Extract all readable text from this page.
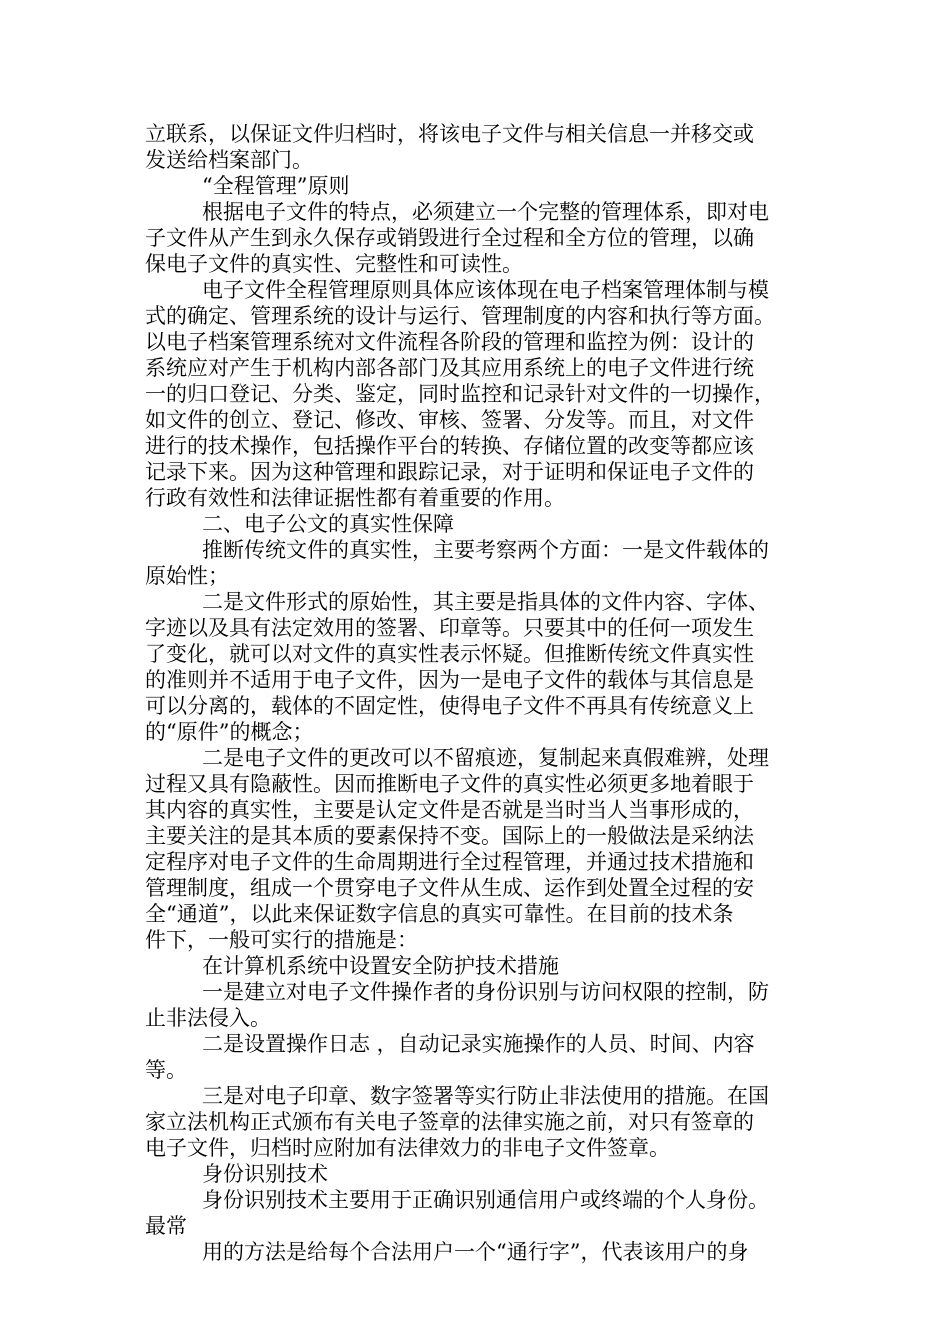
立联系，以保证文件归档时，将该电子文件与相关信息一并移交或
发送给档案部门。
“全程管理”原则
根据电子文件的特点，必须建立一个完整的管理体系，即对电
子文件从产生到永久保存或销毁进行全过程和全方位的管理，以确
保电子文件的真实性、完整性和可读性。
电子文件全程管理原则具体应该体现在电子档案管理体制与模
式的确定、管理系统的设计与运行、管理制度的内容和执行等方面。
以电子档案管理系统对文件流程各阶段的管理和监控为例：设计的
系统应对产生于机构内部各部门及其应用系统上的电子文件进行统
一的归口登记、分类、鉴定，同时监控和记录针对文件的一切操作，
如文件的创立、登记、修改、审核、签署、分发等。而且，对文件
进行的技术操作，包括操作平台的转换、存储位置的改变等都应该
记录下来。因为这种管理和跟踪记录，对于证明和保证电子文件的
行政有效性和法律证据性都有着重要的作用。
二、电子公文的真实性保障
推断传统文件的真实性，主要考察两个方面：一是文件载体的
原始性；
二是文件形式的原始性，其主要是指具体的文件内容、字体、
字迹以及具有法定效用的签署、印章等。只要其中的任何一项发生
了变化，就可以对文件的真实性表示怀疑。但推断传统文件真实性
的准则并不适用于电子文件，因为一是电子文件的载体与其信息是
可以分离的，载体的不固定性，使得电子文件不再具有传统意义上
的“原件”的概念；
二是电子文件的更改可以不留痕迹，复制起来真假难辨，处理
过程又具有隐蔽性。因而推断电子文件的真实性必须更多地着眼于
其内容的真实性，主要是认定文件是否就是当时当人当事形成的，
主要关注的是其本质的要素保持不变。国际上的一般做法是采纳法
定程序对电子文件的生命周期进行全过程管理，并通过技术措施和
管理制度，组成一个贯穿电子文件从生成、运作到处置全过程的安
全“通道”，以此来保证数字信息的真实可靠性。在目前的技术条
件下，一般可实行的措施是：
在计算机系统中设置安全防护技术措施
一是建立对电子文件操作者的身份识别与访问权限的控制，防
止非法侵入。
二是设置操作日志 ，自动记录实施操作的人员、时间、内容
等。
三是对电子印章、数字签署等实行防止非法使用的措施。在国
家立法机构正式颁布有关电子签章的法律实施之前，对只有签章的
电子文件，归档时应附加有法律效力的非电子文件签章。
身份识别技术
身份识别技术主要用于正确识别通信用户或终端的个人身份。
最常
用的方法是给每个合法用户一个“通行字”，代表该用户的身
